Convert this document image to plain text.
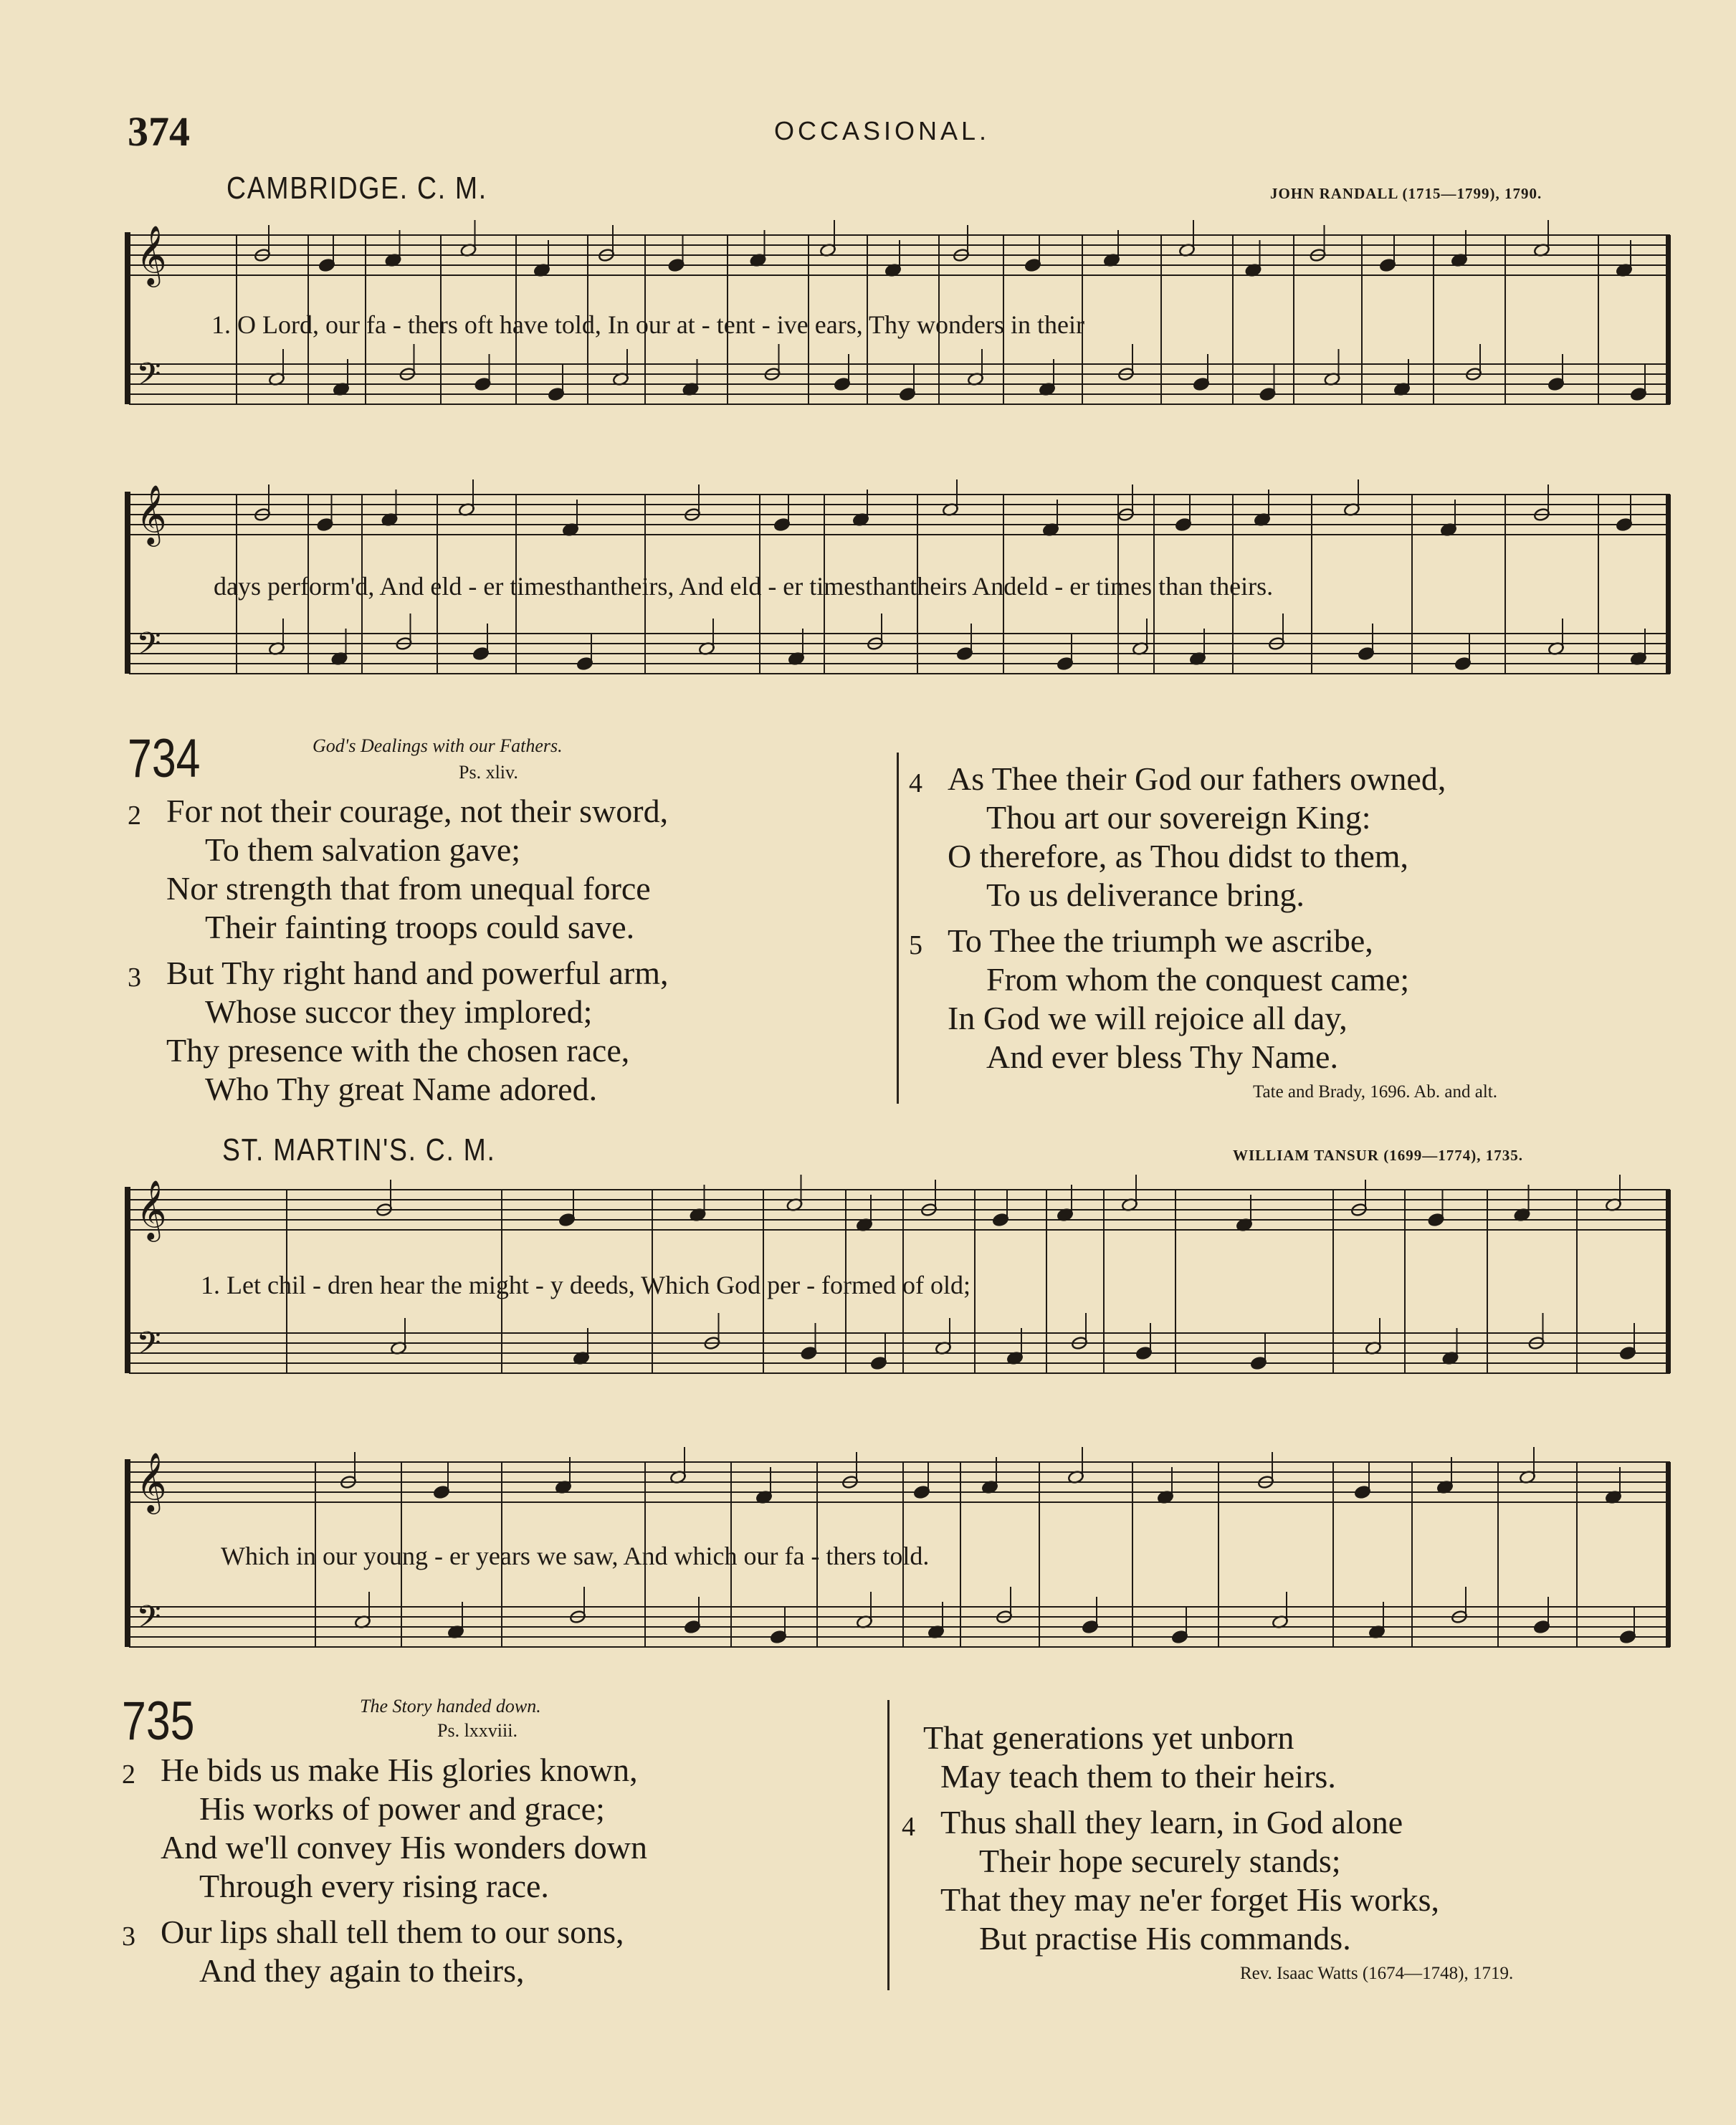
374	OCCASIONAL.
CAMBRIDGE. C. M.	JOHN RANDALL (1715—1799), 1790.
𝄞
𝄢
𝄞
𝄢
𝄞
𝄢
𝄞
𝄢
1. O Lord, our fa - thers oft have told, In our at - tent - ive ears, Thy wonders in their
days perform'd, And eld - er timesthantheirs, And eld - er timesthantheirs Andeld - er times than theirs.
734	God's Dealings with our Fathers.
Ps. xliv.
2 For not their courage, not their sword,
To them salvation gave;
Nor strength that from unequal force
Their fainting troops could save.
3 But Thy right hand and powerful arm,
Whose succor they implored;
Thy presence with the chosen race,
Who Thy great Name adored.
4 As Thee their God our fathers owned,
Thou art our sovereign King:
O therefore, as Thou didst to them,
To us deliverance bring.
5 To Thee the triumph we ascribe,
From whom the conquest came;
In God we will rejoice all day,
And ever bless Thy Name.
Tate and Brady, 1696. Ab. and alt.
ST. MARTIN'S. C. M.	WILLIAM TANSUR (1699—1774), 1735.
1. Let chil - dren hear the might - y deeds, Which God per - formed of old;
Which in our young - er years we saw, And which our fa - thers told.
735	The Story handed down.
Ps. lxxviii.
2 He bids us make His glories known,
His works of power and grace;
And we'll convey His wonders down
Through every rising race.
3 Our lips shall tell them to our sons,
And they again to theirs,
That generations yet unborn
May teach them to their heirs.
4 Thus shall they learn, in God alone
Their hope securely stands;
That they may ne'er forget His works,
But practise His commands.
Rev. Isaac Watts (1674—1748), 1719.
